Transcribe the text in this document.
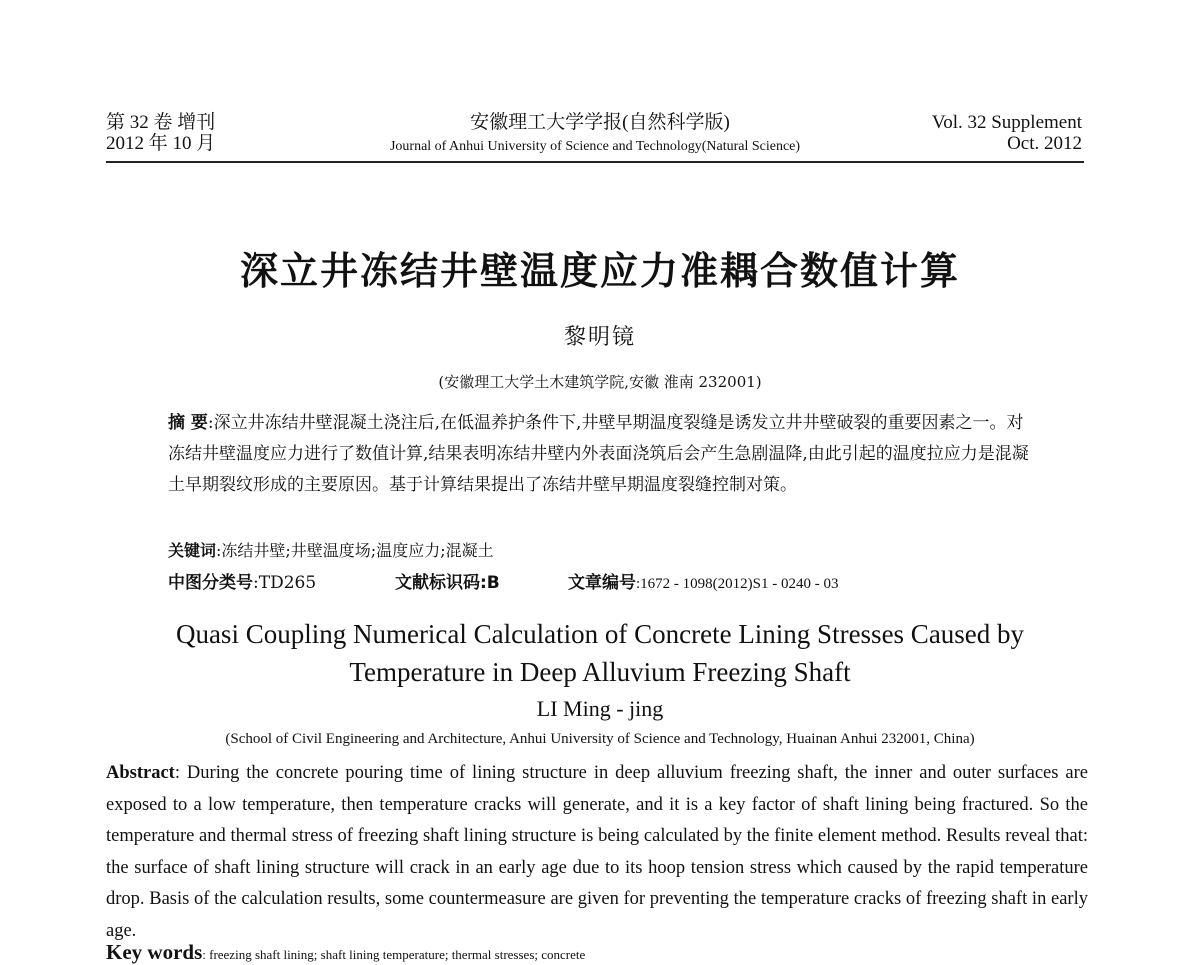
第 32 卷 增刊
2012 年 10 月
安徽理工大学学报(自然科学版)
Journal of Anhui University of Science and Technology(Natural Science)
Vol. 32 Supplement
Oct. 2012
深立井冻结井壁温度应力准耦合数值计算
黎明镜
(安徽理工大学土木建筑学院,安徽 淮南 232001)
摘 要:深立井冻结井壁混凝土浇注后,在低温养护条件下,井壁早期温度裂缝是诱发立井井壁破裂的重要因素之一。对冻结井壁温度应力进行了数值计算,结果表明冻结井壁内外表面浇筑后会产生急剧温降,由此引起的温度拉应力是混凝土早期裂纹形成的主要原因。基于计算结果提出了冻结井壁早期温度裂缝控制对策。
关键词:冻结井壁;井壁温度场;温度应力;混凝土
中图分类号:TD265	文献标识码:B	文章编号:1672 - 1098(2012)S1 - 0240 - 03
Quasi Coupling Numerical Calculation of Concrete Lining Stresses Caused by
Temperature in Deep Alluvium Freezing Shaft
LI Ming - jing
(School of Civil Engineering and Architecture, Anhui University of Science and Technology, Huainan Anhui 232001, China)
Abstract: During the concrete pouring time of lining structure in deep alluvium freezing shaft, the inner and outer surfaces are exposed to a low temperature, then temperature cracks will generate, and it is a key factor of shaft lining being fractured. So the temperature and thermal stress of freezing shaft lining structure is being calculated by the finite element method. Results reveal that: the surface of shaft lining structure will crack in an early age due to its hoop tension stress which caused by the rapid temperature drop. Basis of the calculation results, some countermeasure are given for preventing the temperature cracks of freezing shaft in early age.
Key words: freezing shaft lining; shaft lining temperature; thermal stresses; concrete
